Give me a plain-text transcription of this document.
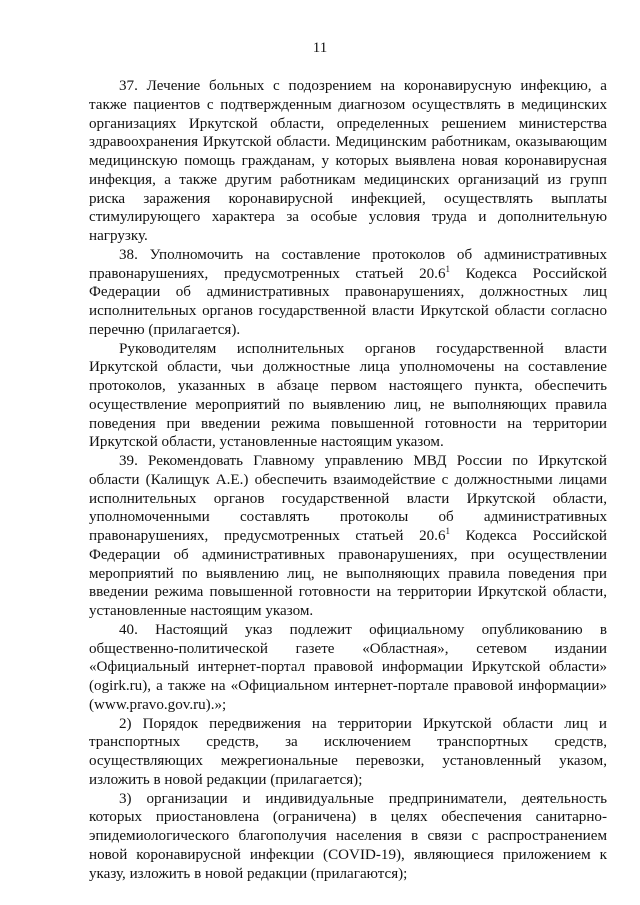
11

37. Лечение больных с подозрением на коронавирусную инфекцию, а также пациентов с подтвержденным диагнозом осуществлять в медицинских организациях Иркутской области, определенных решением министерства здравоохранения Иркутской области. Медицинским работникам, оказывающим медицинскую помощь гражданам, у которых выявлена новая коронавирусная инфекция, а также другим работникам медицинских организаций из групп риска заражения коронавирусной инфекцией, осуществлять выплаты стимулирующего характера за особые условия труда и дополнительную нагрузку.

38. Уполномочить на составление протоколов об административных правонарушениях, предусмотренных статьей 20.6$^1$ Кодекса Российской Федерации об административных правонарушениях, должностных лиц исполнительных органов государственной власти Иркутской области согласно перечню (прилагается).

Руководителям исполнительных органов государственной власти Иркутской области, чьи должностные лица уполномочены на составление протоколов, указанных в абзаце первом настоящего пункта, обеспечить осуществление мероприятий по выявлению лиц, не выполняющих правила поведения при введении режима повышенной готовности на территории Иркутской области, установленные настоящим указом.

39. Рекомендовать Главному управлению МВД России по Иркутской области (Калищук А.Е.) обеспечить взаимодействие с должностными лицами исполнительных органов государственной власти Иркутской области, уполномоченными составлять протоколы об административных правонарушениях, предусмотренных статьей 20.6$^1$ Кодекса Российской Федерации об административных правонарушениях, при осуществлении мероприятий по выявлению лиц, не выполняющих правила поведения при введении режима повышенной готовности на территории Иркутской области, установленные настоящим указом.

40. Настоящий указ подлежит официальному опубликованию в общественно-политической газете «Областная», сетевом издании «Официальный интернет-портал правовой информации Иркутской области» (ogirk.ru), а также на «Официальном интернет-портале правовой информации» (www.pravo.gov.ru).»;

2) Порядок передвижения на территории Иркутской области лиц и транспортных средств, за исключением транспортных средств, осуществляющих межрегиональные перевозки, установленный указом, изложить в новой редакции (прилагается);

3) организации и индивидуальные предприниматели, деятельность которых приостановлена (ограничена) в целях обеспечения санитарно-эпидемиологического благополучия населения в связи с распространением новой коронавирусной инфекции (COVID-19), являющиеся приложением к указу, изложить в новой редакции (прилагаются);
